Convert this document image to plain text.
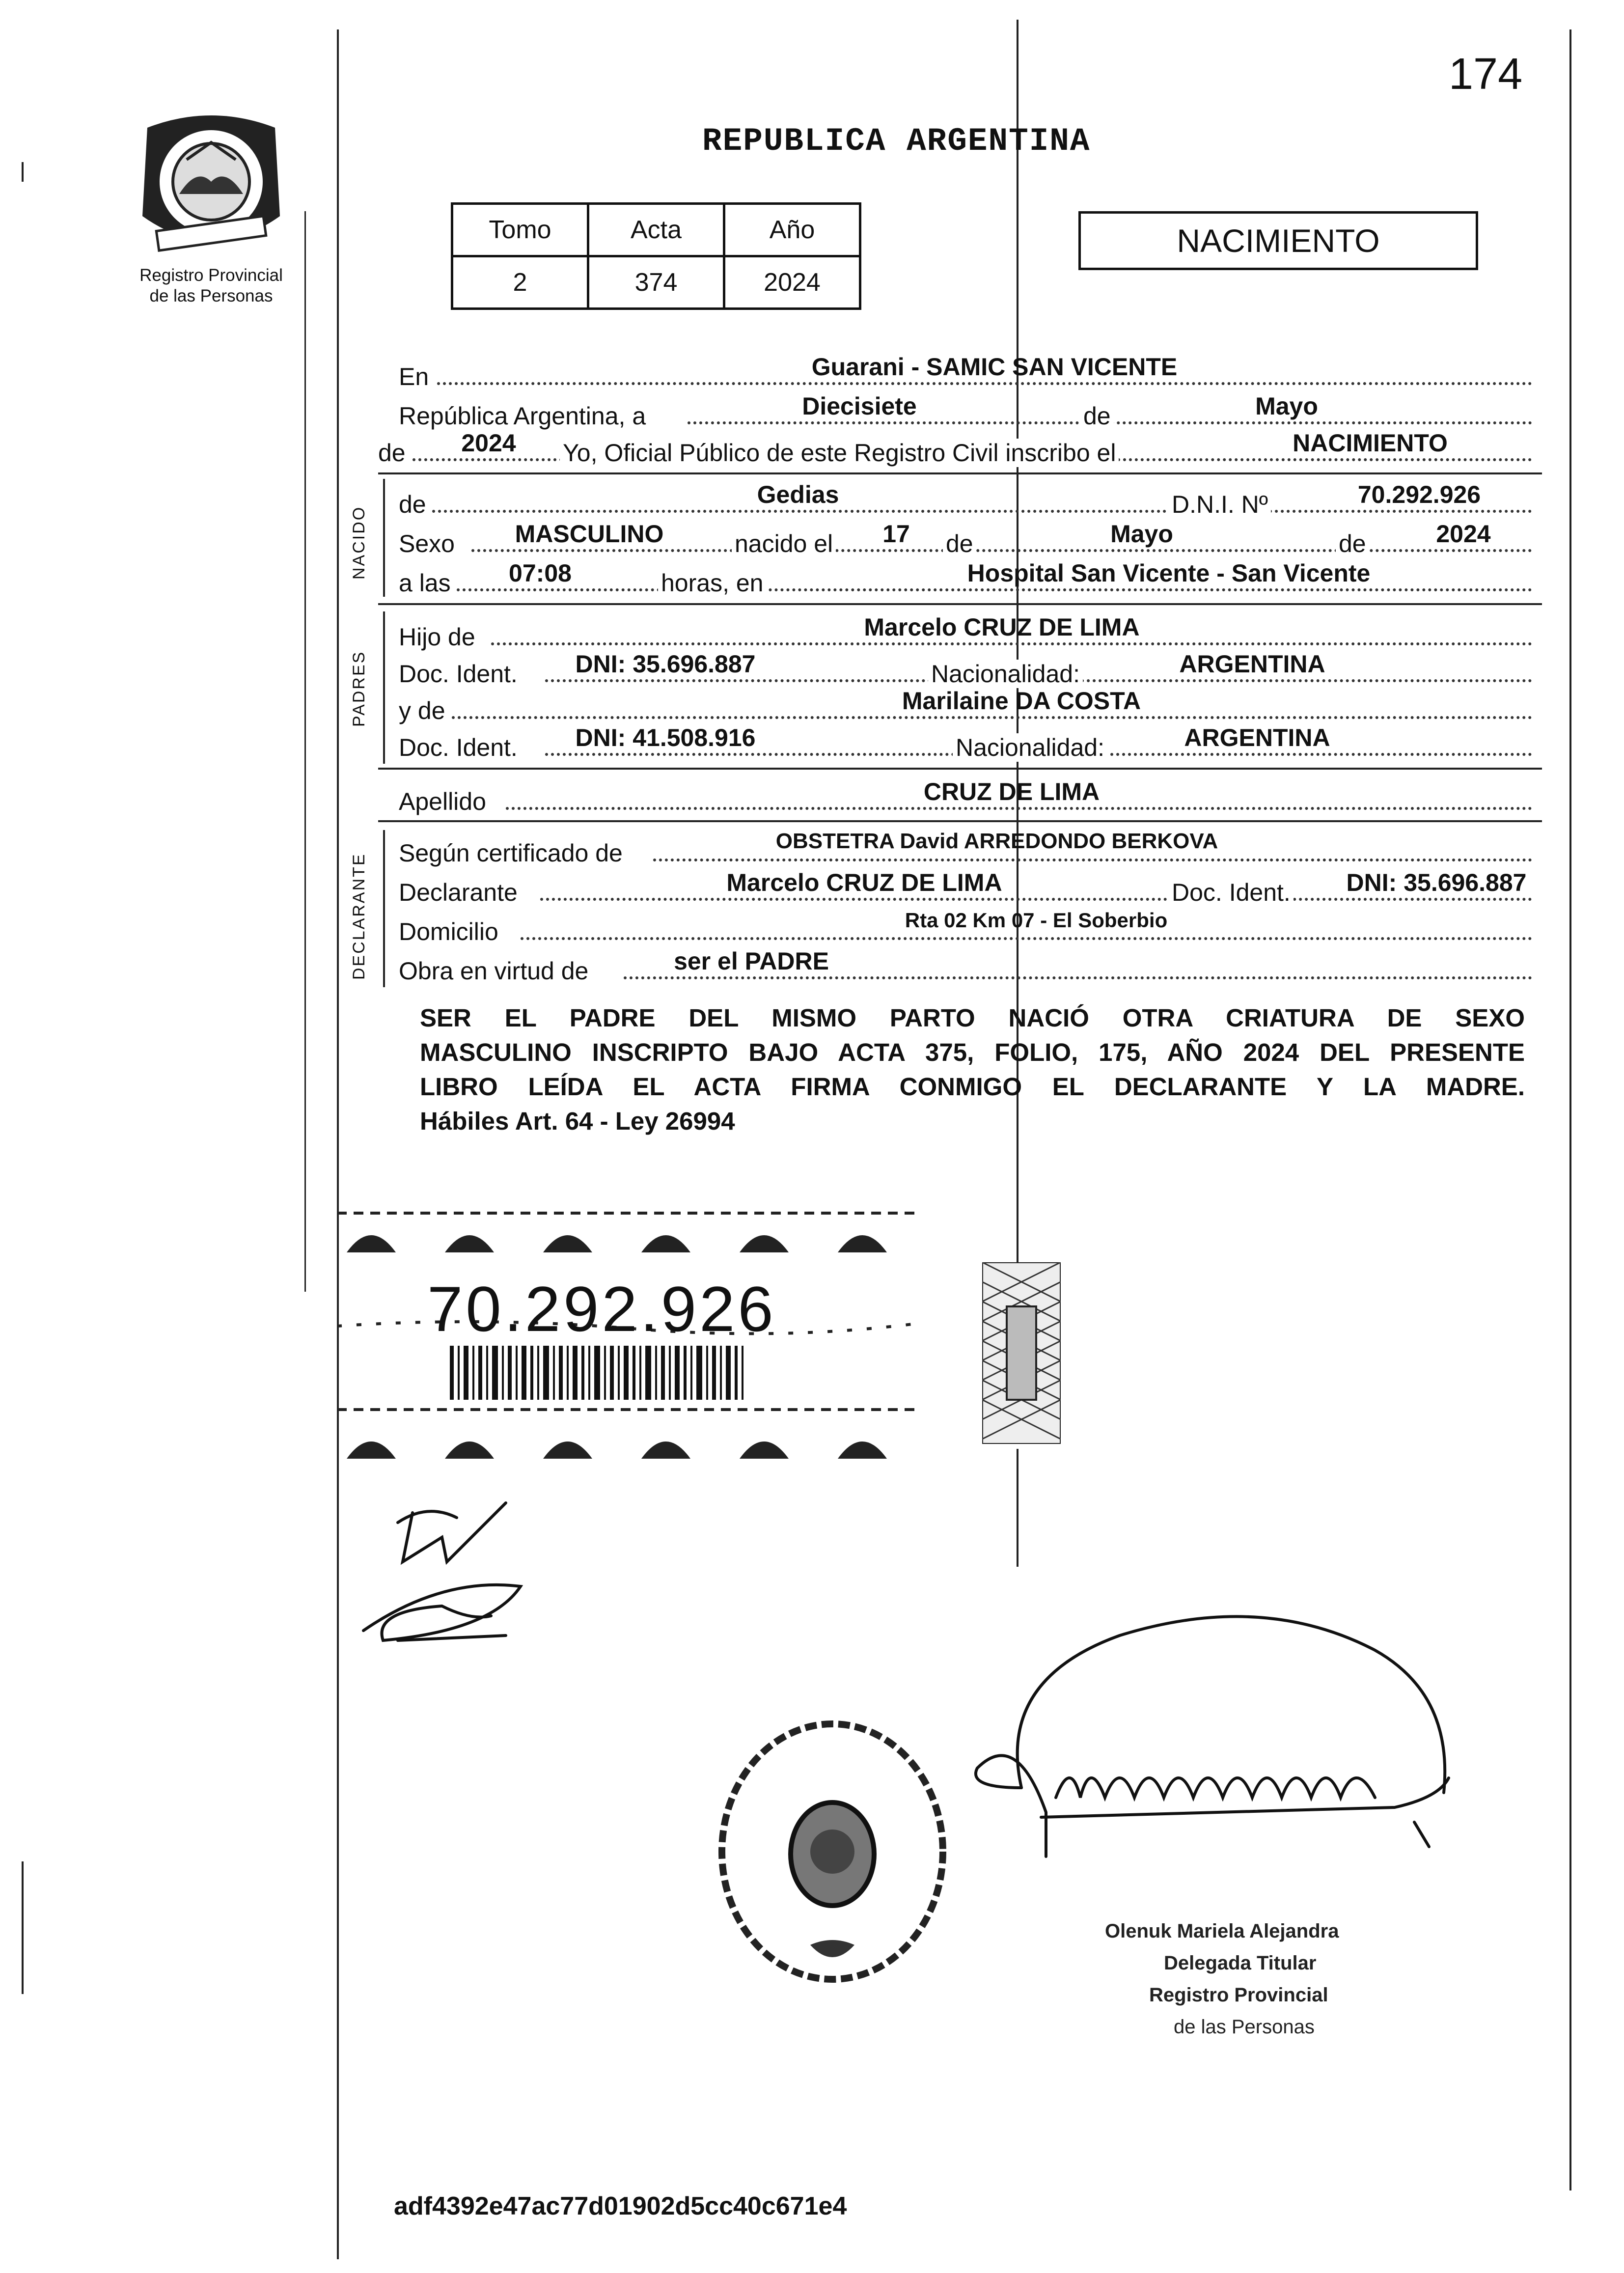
174
Registro Provincial
de las Personas
REPUBLICA ARGENTINA
Tomo	Acta	Año
2	374	2024
NACIMIENTO
En	Guarani - SAMIC SAN VICENTE
República Argentina, a	Diecisiete	de	Mayo
de	2024	Yo, Oficial Público de este Registro Civil inscribo el	NACIMIENTO
NACIDO
de	Gedias	D.N.I. Nº	70.292.926
Sexo	MASCULINO	nacido el	17	de	Mayo	de	2024
a las	07:08	horas, en	Hospital San Vicente - San Vicente
PADRES
Hijo de	Marcelo CRUZ DE LIMA
Doc. Ident.	DNI: 35.696.887	Nacionalidad:	ARGENTINA
y de	Marilaine DA COSTA
Doc. Ident.	DNI: 41.508.916	Nacionalidad:	ARGENTINA
Apellido	CRUZ DE LIMA
DECLARANTE Según certificado de	OBSTETRA David ARREDONDO BERKOVA
Declarante	Marcelo CRUZ DE LIMA	Doc. Ident.	DNI: 35.696.887
Domicilio	Rta 02 Km 07 - El Soberbio
Obra en virtud de	ser el PADRE
SER EL PADRE DEL MISMO PARTO NACIÓ OTRA CRIATURA DE SEXO
MASCULINO INSCRIPTO BAJO ACTA 375, FOLIO, 175, AÑO 2024 DEL PRESENTE
LIBRO LEÍDA EL ACTA FIRMA CONMIGO EL DECLARANTE Y LA MADRE.
Hábiles Art. 64 - Ley 26994
70.292.926
Olenuk Mariela Alejandra
Delegada Titular
Registro Provincial
de las Personas
adf4392e47ac77d01902d5cc40c671e4
